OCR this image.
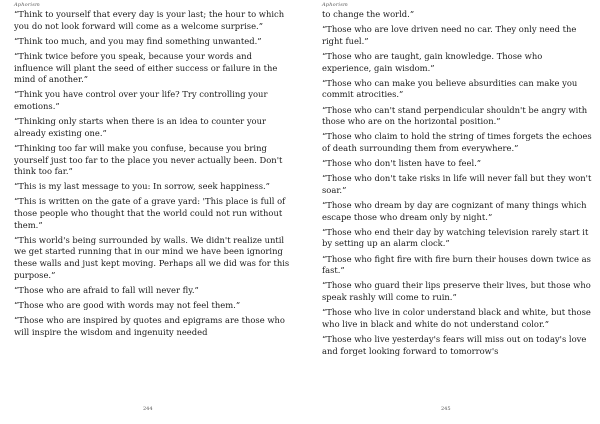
Aphorism

“Think to yourself that every day is your last; the hour to which you do not look forward will come as a welcome surprise.”

“Think too much, and you may find something unwanted.”

“Think twice before you speak, because your words and influence will plant the seed of either success or failure in the mind of another.”

“Think you have control over your life? Try controlling your emotions.”

“Thinking only starts when there is an idea to counter your already existing one.”

“Thinking too far will make you confuse, because you bring yourself just too far to the place you never actually been. Don't think too far.”

“This is my last message to you: In sorrow, seek happiness.”

“This is written on the gate of a grave yard: 'This place is full of those people who thought that the world could not run without them.”

“This world's being surrounded by walls. We didn't realize until we get started running that in our mind we have been ignoring these walls and just kept moving. Perhaps all we did was for this purpose.”

“Those who are afraid to fall will never fly.”

“Those who are good with words may not feel them.”

“Those who are inspired by quotes and epigrams are those who will inspire the wisdom and ingenuity needed

244
Aphorism

to change the world.”

“Those who are love driven need no car. They only need the right fuel.”

“Those who are taught, gain knowledge. Those who experience, gain wisdom.”

“Those who can make you believe absurdities can make you commit atrocities.”

“Those who can't stand perpendicular shouldn't be angry with those who are on the horizontal position.”

“Those who claim to hold the string of times forgets the echoes of death surrounding them from everywhere.”

“Those who don't listen have to feel.”

“Those who don't take risks in life will never fall but they won't soar.”

“Those who dream by day are cognizant of many things which escape those who dream only by night.”

“Those who end their day by watching television rarely start it by setting up an alarm clock.”

“Those who fight fire with fire burn their houses down twice as fast.”

“Those who guard their lips preserve their lives, but those who speak rashly will come to ruin.”

“Those who live in color understand black and white, but those who live in black and white do not understand color.”

“Those who live yesterday's fears will miss out on today's love and forget looking forward to tomorrow's

245
